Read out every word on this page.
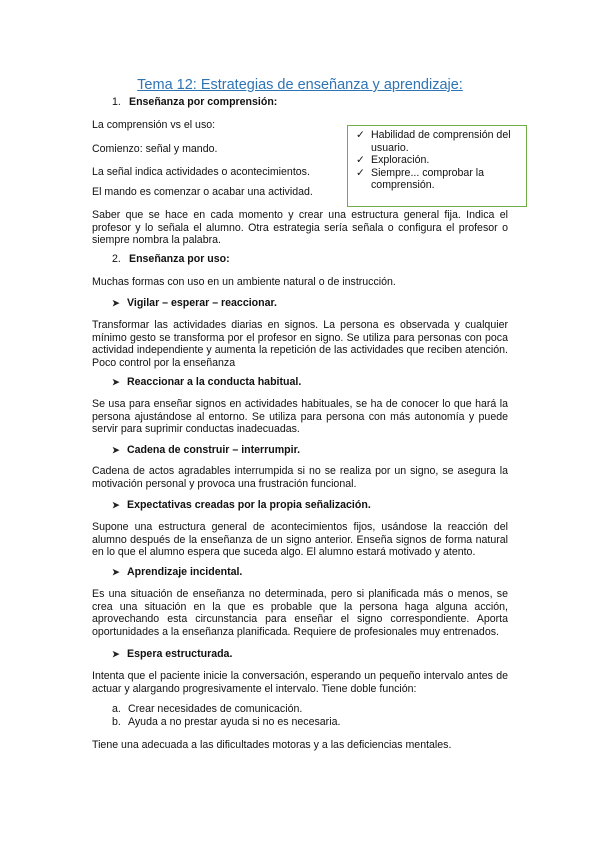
Tema 12: Estrategias de enseñanza y aprendizaje:
1. Enseñanza por comprensión:
La comprensión vs el uso:
Comienzo: señal y mando.
La señal indica actividades o acontecimientos.
El mando es comenzar o acabar una actividad.
✓ Habilidad de comprensión del usuario.
✓ Exploración.
✓ Siempre... comprobar la comprensión.
Saber que se hace en cada momento y crear una estructura general fija. Indica el profesor y lo señala el alumno. Otra estrategia sería señala o configura el profesor o siempre nombra la palabra.
2. Enseñanza por uso:
Muchas formas con uso en un ambiente natural o de instrucción.
➤ Vigilar – esperar – reaccionar.
Transformar las actividades diarias en signos. La persona es observada y cualquier mínimo gesto se transforma por el profesor en signo. Se utiliza para personas con poca actividad independiente y aumenta la repetición de las actividades que reciben atención. Poco control por la enseñanza
➤ Reaccionar a la conducta habitual.
Se usa para enseñar signos en actividades habituales, se ha de conocer lo que hará la persona ajustándose al entorno. Se utiliza para persona con más autonomía y puede servir para suprimir conductas inadecuadas.
➤ Cadena de construir – interrumpir.
Cadena de actos agradables interrumpida si no se realiza por un signo, se asegura la motivación personal y provoca una frustración funcional.
➤ Expectativas creadas por la propia señalización.
Supone una estructura general de acontecimientos fijos, usándose la reacción del alumno después de la enseñanza de un signo anterior. Enseña signos de forma natural en lo que el alumno espera que suceda algo. El alumno estará motivado y atento.
➤ Aprendizaje incidental.
Es una situación de enseñanza no determinada, pero si planificada más o menos, se crea una situación en la que es probable que la persona haga alguna acción, aprovechando esta circunstancia para enseñar el signo correspondiente. Aporta oportunidades a la enseñanza planificada. Requiere de profesionales muy entrenados.
➤ Espera estructurada.
Intenta que el paciente inicie la conversación, esperando un pequeño intervalo antes de actuar y alargando progresivamente el intervalo. Tiene doble función:
a. Crear necesidades de comunicación.
b. Ayuda a no prestar ayuda si no es necesaria.
Tiene una adecuada a las dificultades motoras y a las deficiencias mentales.
